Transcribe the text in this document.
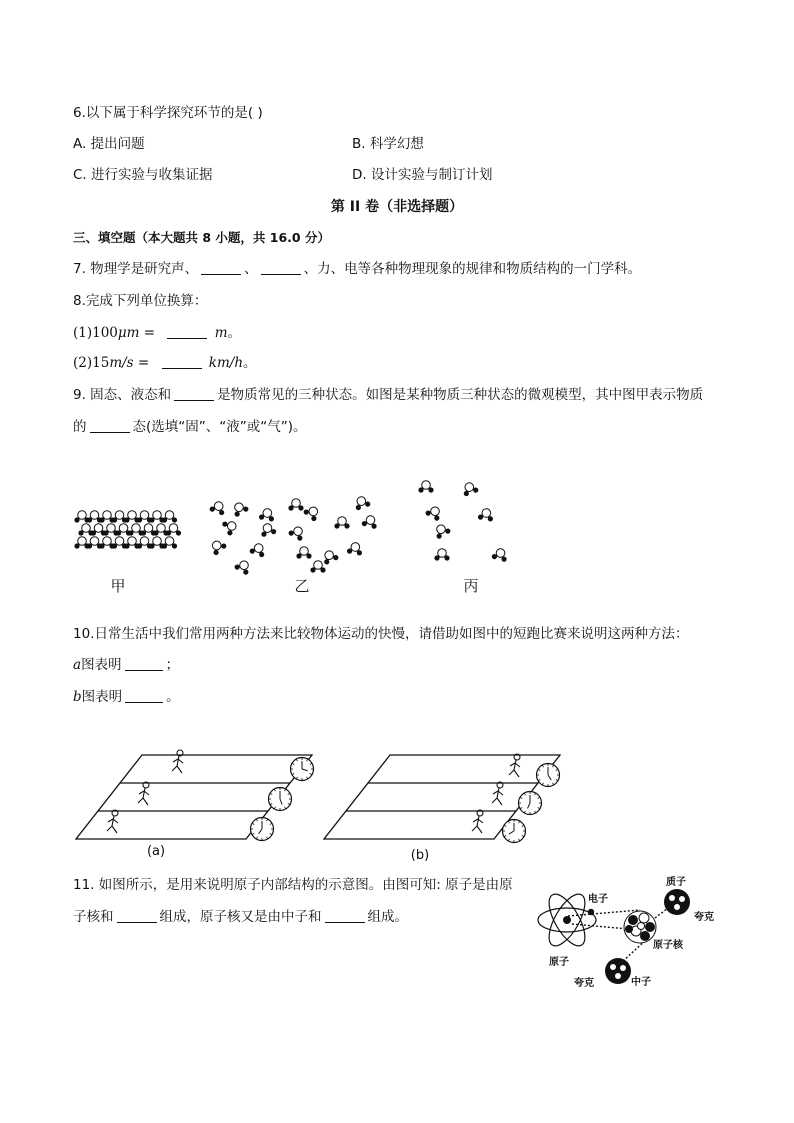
6.以下属于科学探究环节的是( )
A. 提出问题	B. 科学幻想
C. 进行实验与收集证据	D. 设计实验与制订计划
第 II 卷（非选择题）
三、填空题（本大题共 8 小题，共 16.0 分）
7. 物理学是研究声、	、	、力、电等各种物理现象的规律和物质结构的一门学科。
8.完成下列单位换算：
(1)100μm =	m。
(2)15m/s =	km/h。
9. 固态、液态和	是物质常见的三种状态。如图是某种物质三种状态的微观模型，其中图甲表示物质
的	态(选填“固”、“液”或“气”)。
甲	乙	丙
10.日常生活中我们常用两种方法来比较物体运动的快慢，请借助如图中的短跑比赛来说明这两种方法：
a图表明	；
b图表明	。
(a)	(b)
11. 如图所示，是用来说明原子内部结构的示意图。由图可知: 原子是由原
子核和	组成，原子核又是由中子和	组成。
电子
质子
夸克
原子核
原子
夸克	中子
